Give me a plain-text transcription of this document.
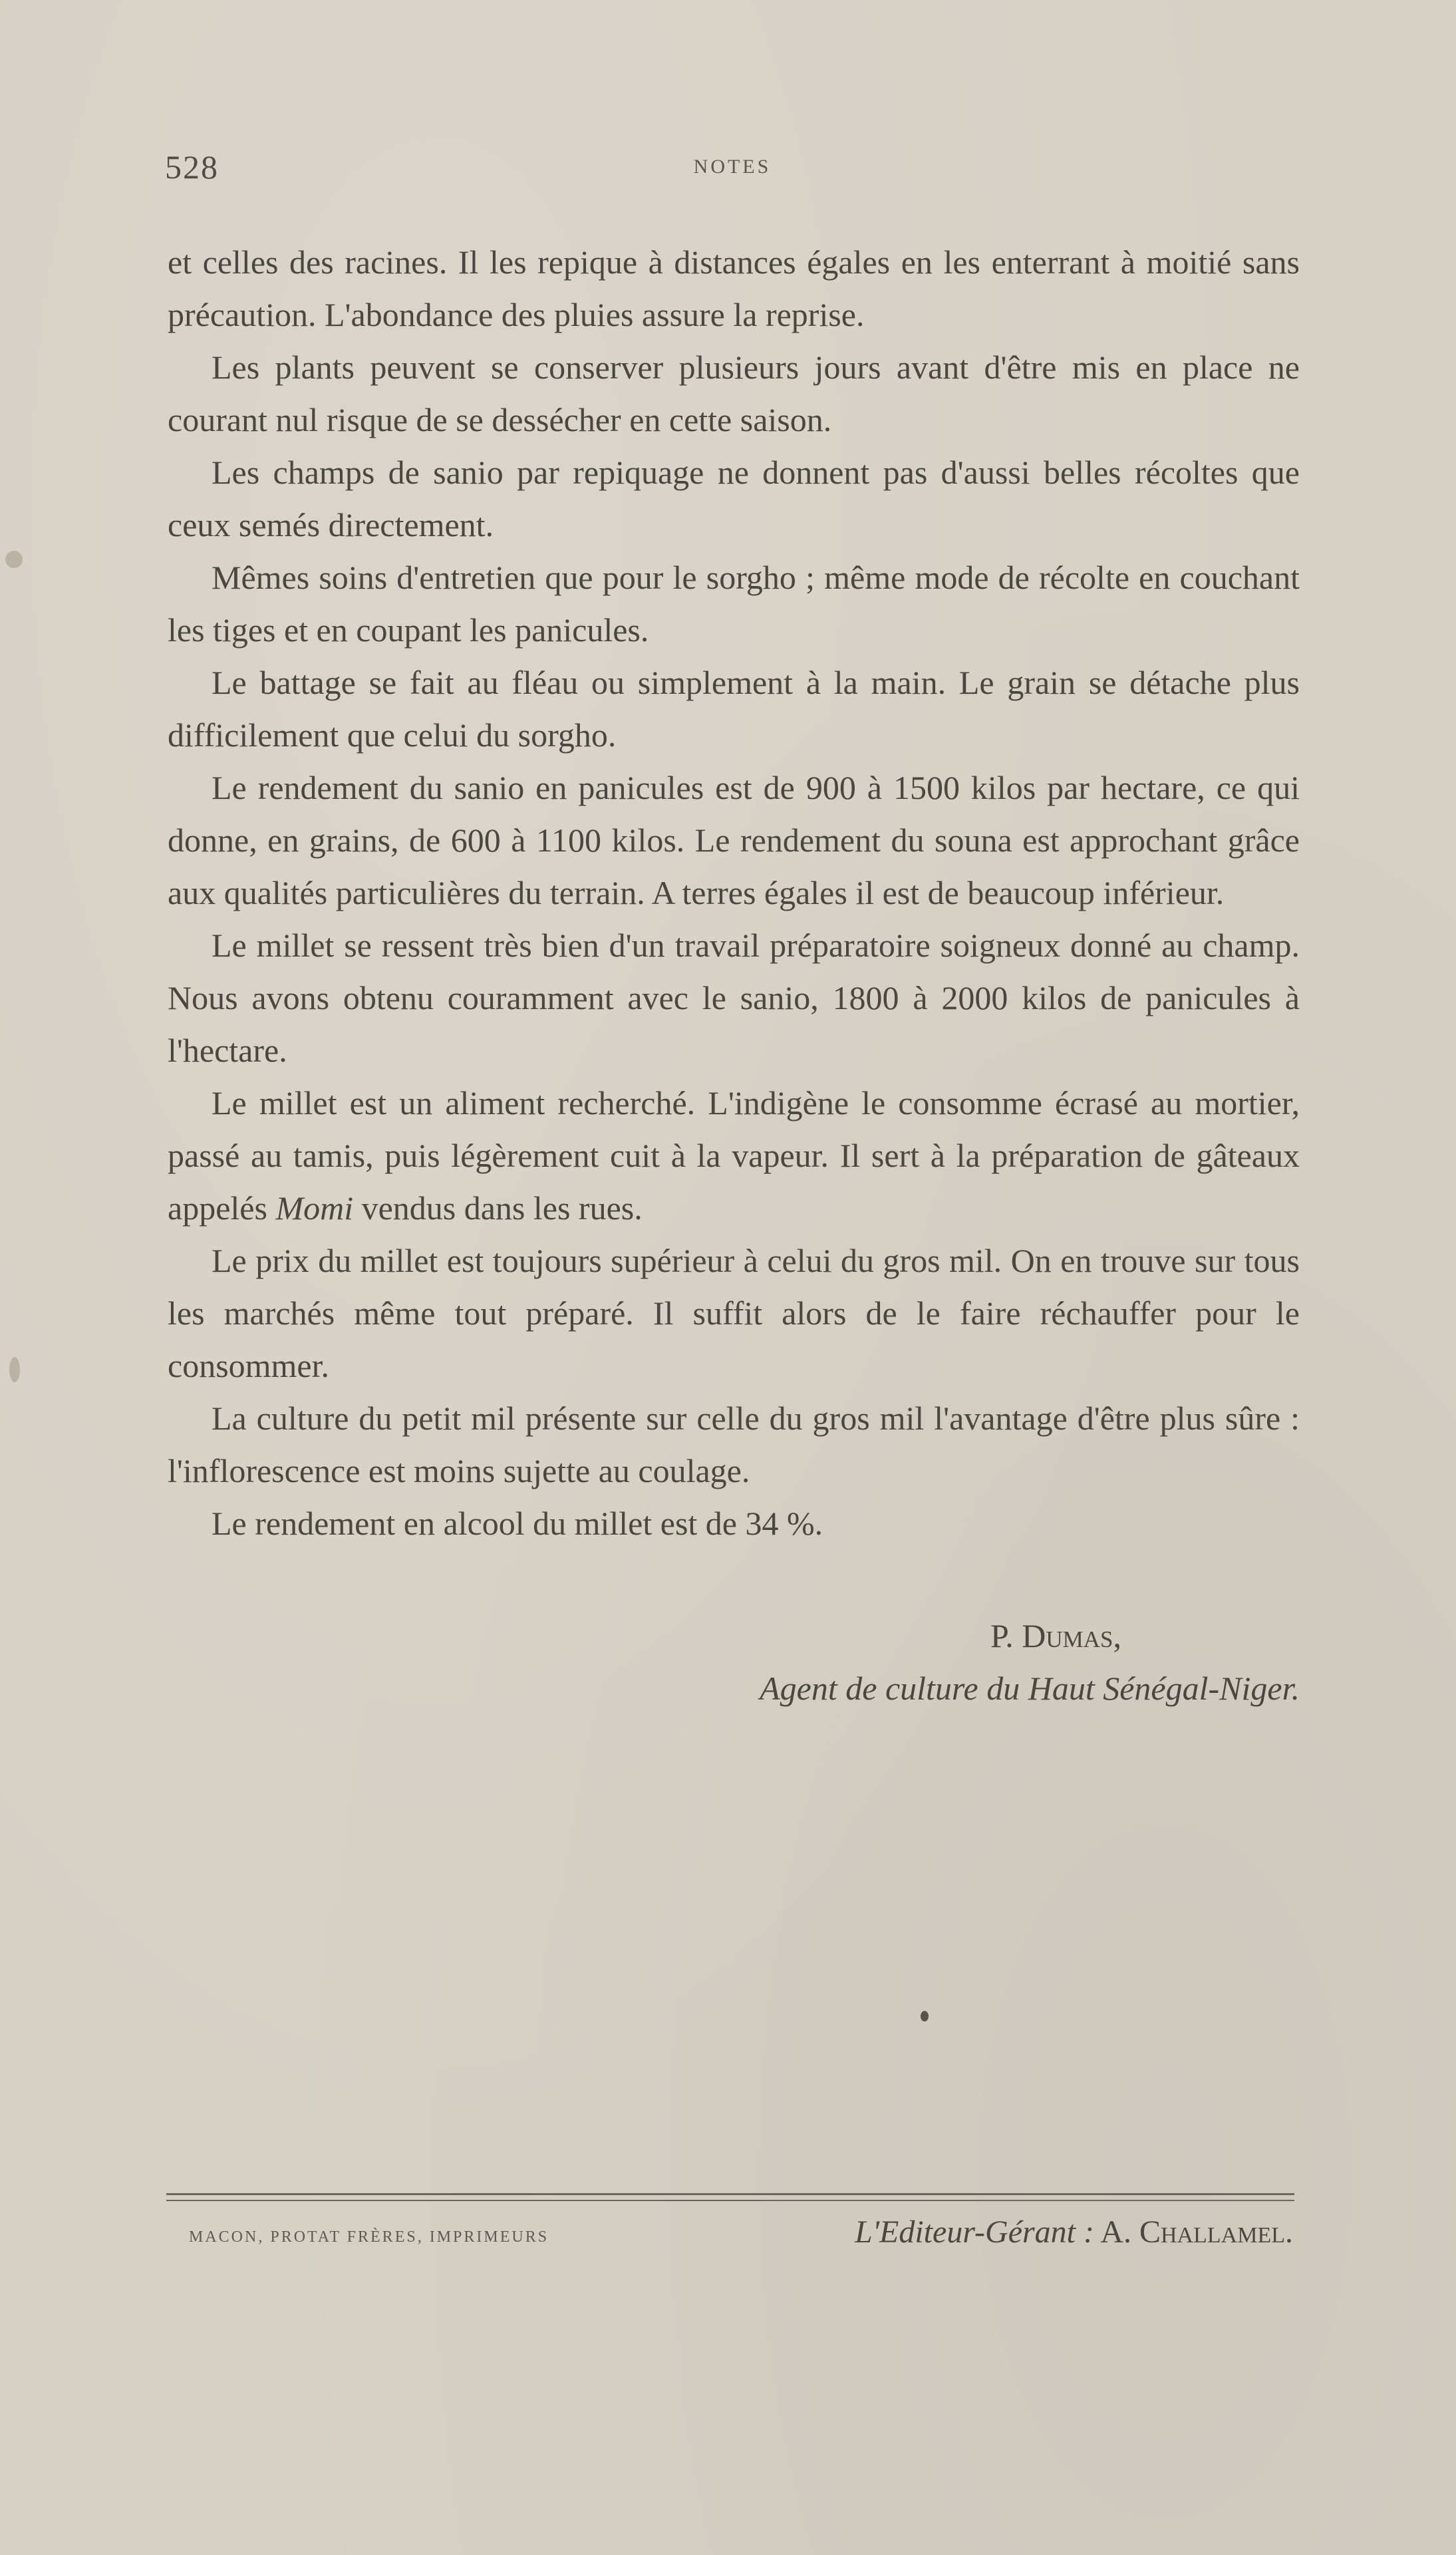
528	NOTES

et celles des racines. Il les repique à distances égales en les enterrant à moitié sans précaution. L'abondance des pluies assure la reprise.

Les plants peuvent se conserver plusieurs jours avant d'être mis en place ne courant nul risque de se dessécher en cette saison.

Les champs de sanio par repiquage ne donnent pas d'aussi belles récoltes que ceux semés directement.

Mêmes soins d'entretien que pour le sorgho ; même mode de récolte en couchant les tiges et en coupant les panicules.

Le battage se fait au fléau ou simplement à la main. Le grain se détache plus difficilement que celui du sorgho.

Le rendement du sanio en panicules est de 900 à 1500 kilos par hectare, ce qui donne, en grains, de 600 à 1100 kilos. Le rendement du souna est approchant grâce aux qualités particulières du terrain. A terres égales il est de beaucoup inférieur.

Le millet se ressent très bien d'un travail préparatoire soigneux donné au champ. Nous avons obtenu couramment avec le sanio, 1800 à 2000 kilos de panicules à l'hectare.

Le millet est un aliment recherché. L'indigène le consomme écrasé au mortier, passé au tamis, puis légèrement cuit à la vapeur. Il sert à la préparation de gâteaux appelés Momi vendus dans les rues.

Le prix du millet est toujours supérieur à celui du gros mil. On en trouve sur tous les marchés même tout préparé. Il suffit alors de le faire réchauffer pour le consommer.

La culture du petit mil présente sur celle du gros mil l'avantage d'être plus sûre : l'inflorescence est moins sujette au coulage.

Le rendement en alcool du millet est de 34 %.

P. Dumas,
Agent de culture du Haut Sénégal-Niger.
MACON, PROTAT FRÈRES, IMPRIMEURS	L'Editeur-Gérant : A. Challamel.
